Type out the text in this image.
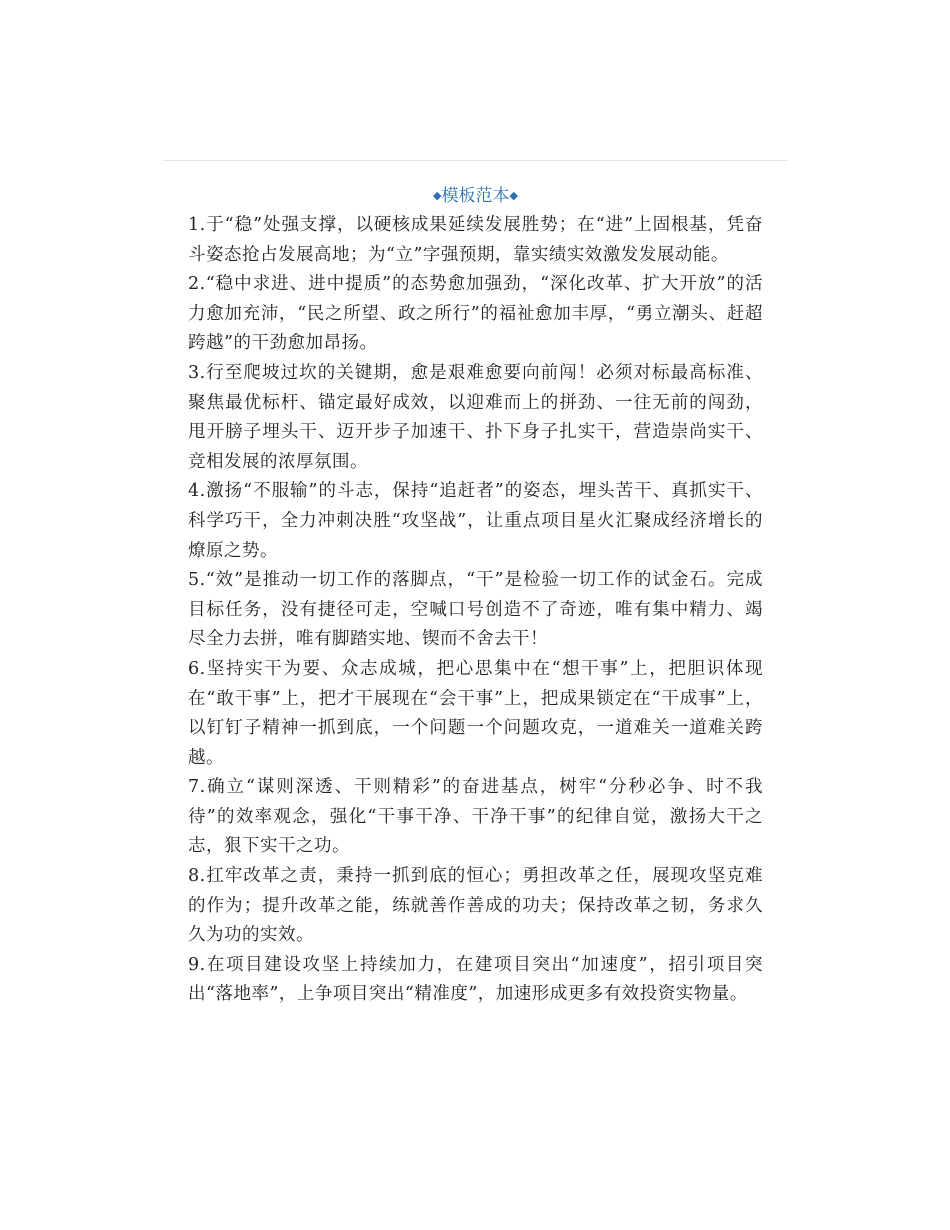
◆模板范本◆

1.于“稳”处强支撑，以硬核成果延续发展胜势；在“进”上固根基，凭奋斗姿态抢占发展高地；为“立”字强预期，靠实绩实效激发发展动能。

2.“稳中求进、进中提质”的态势愈加强劲，“深化改革、扩大开放”的活力愈加充沛，“民之所望、政之所行”的福祉愈加丰厚，“勇立潮头、赶超跨越”的干劲愈加昂扬。

3.行至爬坡过坎的关键期，愈是艰难愈要向前闯！必须对标最高标准、聚焦最优标杆、锚定最好成效，以迎难而上的拼劲、一往无前的闯劲，甩开膀子埋头干、迈开步子加速干、扑下身子扎实干，营造崇尚实干、竞相发展的浓厚氛围。

4.激扬“不服输”的斗志，保持“追赶者”的姿态，埋头苦干、真抓实干、科学巧干，全力冲刺决胜“攻坚战”，让重点项目星火汇聚成经济增长的燎原之势。

5.“效”是推动一切工作的落脚点，“干”是检验一切工作的试金石。完成目标任务，没有捷径可走，空喊口号创造不了奇迹，唯有集中精力、竭尽全力去拼，唯有脚踏实地、锲而不舍去干！

6.坚持实干为要、众志成城，把心思集中在“想干事”上，把胆识体现在“敢干事”上，把才干展现在“会干事”上，把成果锁定在“干成事”上，以钉钉子精神一抓到底，一个问题一个问题攻克，一道难关一道难关跨越。

7.确立“谋则深透、干则精彩”的奋进基点，树牢“分秒必争、时不我待”的效率观念，强化“干事干净、干净干事”的纪律自觉，激扬大干之志，狠下实干之功。

8.扛牢改革之责，秉持一抓到底的恒心；勇担改革之任，展现攻坚克难的作为；提升改革之能，练就善作善成的功夫；保持改革之韧，务求久久为功的实效。

9.在项目建设攻坚上持续加力，在建项目突出“加速度”，招引项目突出“落地率”，上争项目突出“精准度”，加速形成更多有效投资实物量。
